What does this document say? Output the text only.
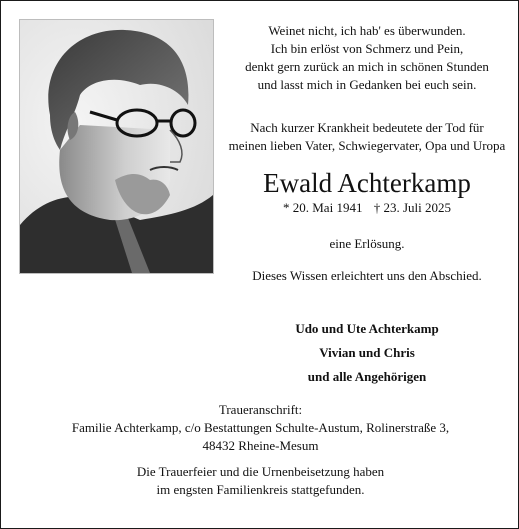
Weinet nicht, ich hab' es überwunden.
Ich bin erlöst von Schmerz und Pein,
denkt gern zurück an mich in schönen Stunden
und lasst mich in Gedanken bei euch sein.

Nach kurzer Krankheit bedeutete der Tod für
meinen lieben Vater, Schwiegervater, Opa und Uropa

Ewald Achterkamp

* 20. Mai 1941 † 23. Juli 2025

eine Erlösung.

Dieses Wissen erleichtert uns den Abschied.

Udo und Ute Achterkamp
Vivian und Chris
und alle Angehörigen

Traueranschrift:
Familie Achterkamp, c/o Bestattungen Schulte-Austum, Rolinerstraße 3,
48432 Rheine-Mesum

Die Trauerfeier und die Urnenbeisetzung haben
im engsten Familienkreis stattgefunden.
